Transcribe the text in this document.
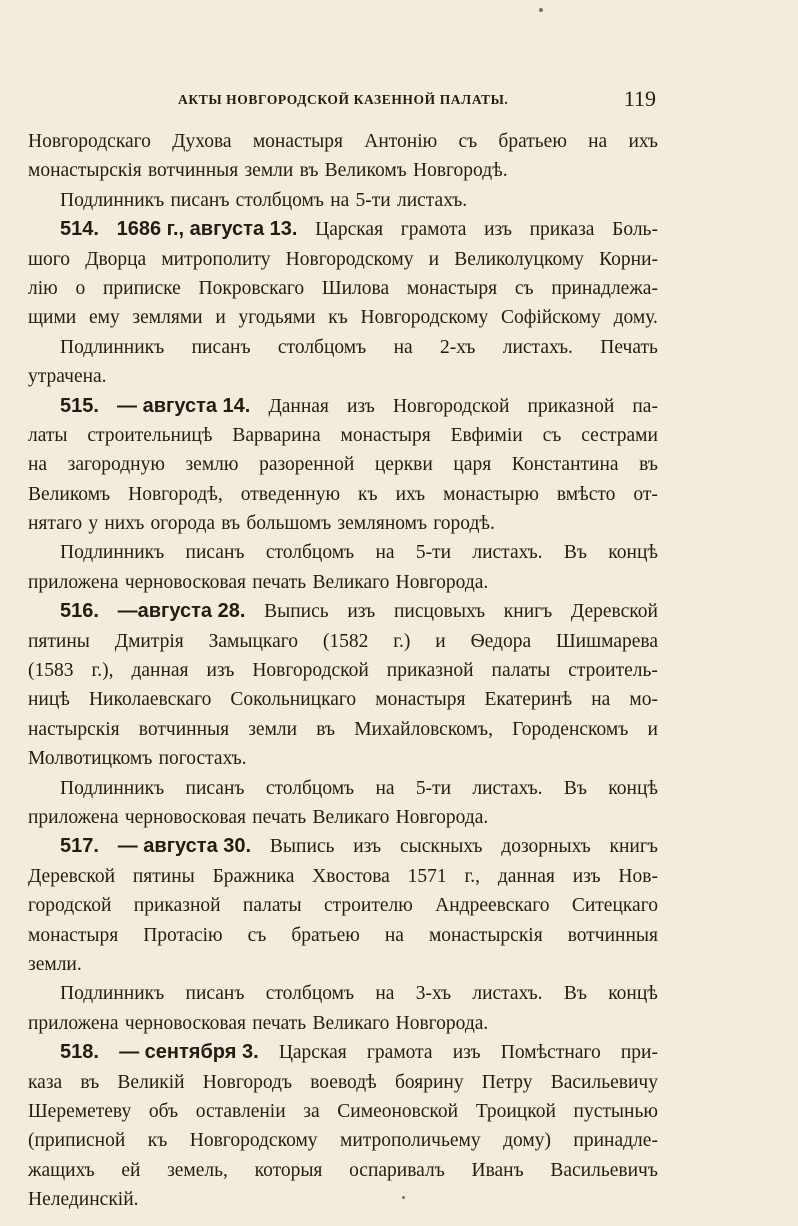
АКТЫ НОВГОРОДСКОЙ КАЗЕННОЙ ПАЛАТЫ.	119
Новгородскаго Духова монастыря Антонію съ братьею на ихъ
монастырскія вотчинныя земли въ Великомъ Новгородѣ.
Подлинникъ писанъ столбцомъ на 5-ти листахъ.
514. 1686 г., августа 13. Царская грамота изъ приказа Боль-
шого Дворца митрополиту Новгородскому и Великолуцкому Корни-
лію о приписке Покровскаго Шилова монастыря съ принадлежа-
щими ему землями и угодьями къ Новгородскому Софійскому дому.
Подлинникъ писанъ столбцомъ на 2-хъ листахъ. Печать
утрачена.
515. — августа 14. Данная изъ Новгородской приказной па-
латы строительницѣ Варварина монастыря Евфиміи съ сестрами
на загородную землю разоренной церкви царя Константина въ
Великомъ Новгородѣ, отведенную къ ихъ монастырю вмѣсто от-
нятаго у нихъ огорода въ большомъ земляномъ городѣ.
Подлинникъ писанъ столбцомъ на 5-ти листахъ. Въ концѣ
приложена черновосковая печать Великаго Новгорода.
516. —августа 28. Выпись изъ писцовыхъ книгъ Деревской
пятины Дмитрія Замыцкаго (1582 г.) и Ѳедора Шишмарева
(1583 г.), данная изъ Новгородской приказной палаты строитель-
ницѣ Николаевскаго Сокольницкаго монастыря Екатеринѣ на мо-
настырскія вотчинныя земли въ Михайловскомъ, Городенскомъ и
Молвотицкомъ погостахъ.
Подлинникъ писанъ столбцомъ на 5-ти листахъ. Въ концѣ
приложена черновосковая печать Великаго Новгорода.
517. — августа 30. Выпись изъ сыскныхъ дозорныхъ книгъ
Деревской пятины Бражника Хвостова 1571 г., данная изъ Нов-
городской приказной палаты строителю Андреевскаго Ситецкаго
монастыря Протасію съ братьею на монастырскія вотчинныя
земли.
Подлинникъ писанъ столбцомъ на 3-хъ листахъ. Въ концѣ
приложена черновосковая печать Великаго Новгорода.
518. — сентября 3. Царская грамота изъ Помѣстнаго при-
каза въ Великій Новгородъ воеводѣ боярину Петру Васильевичу
Шереметеву объ оставленіи за Симеоновской Троицкой пустынью
(приписной къ Новгородскому митрополичьему дому) принадле-
жащихъ ей земель, которыя оспаривалъ Иванъ Васильевичъ
Нелединскій.
